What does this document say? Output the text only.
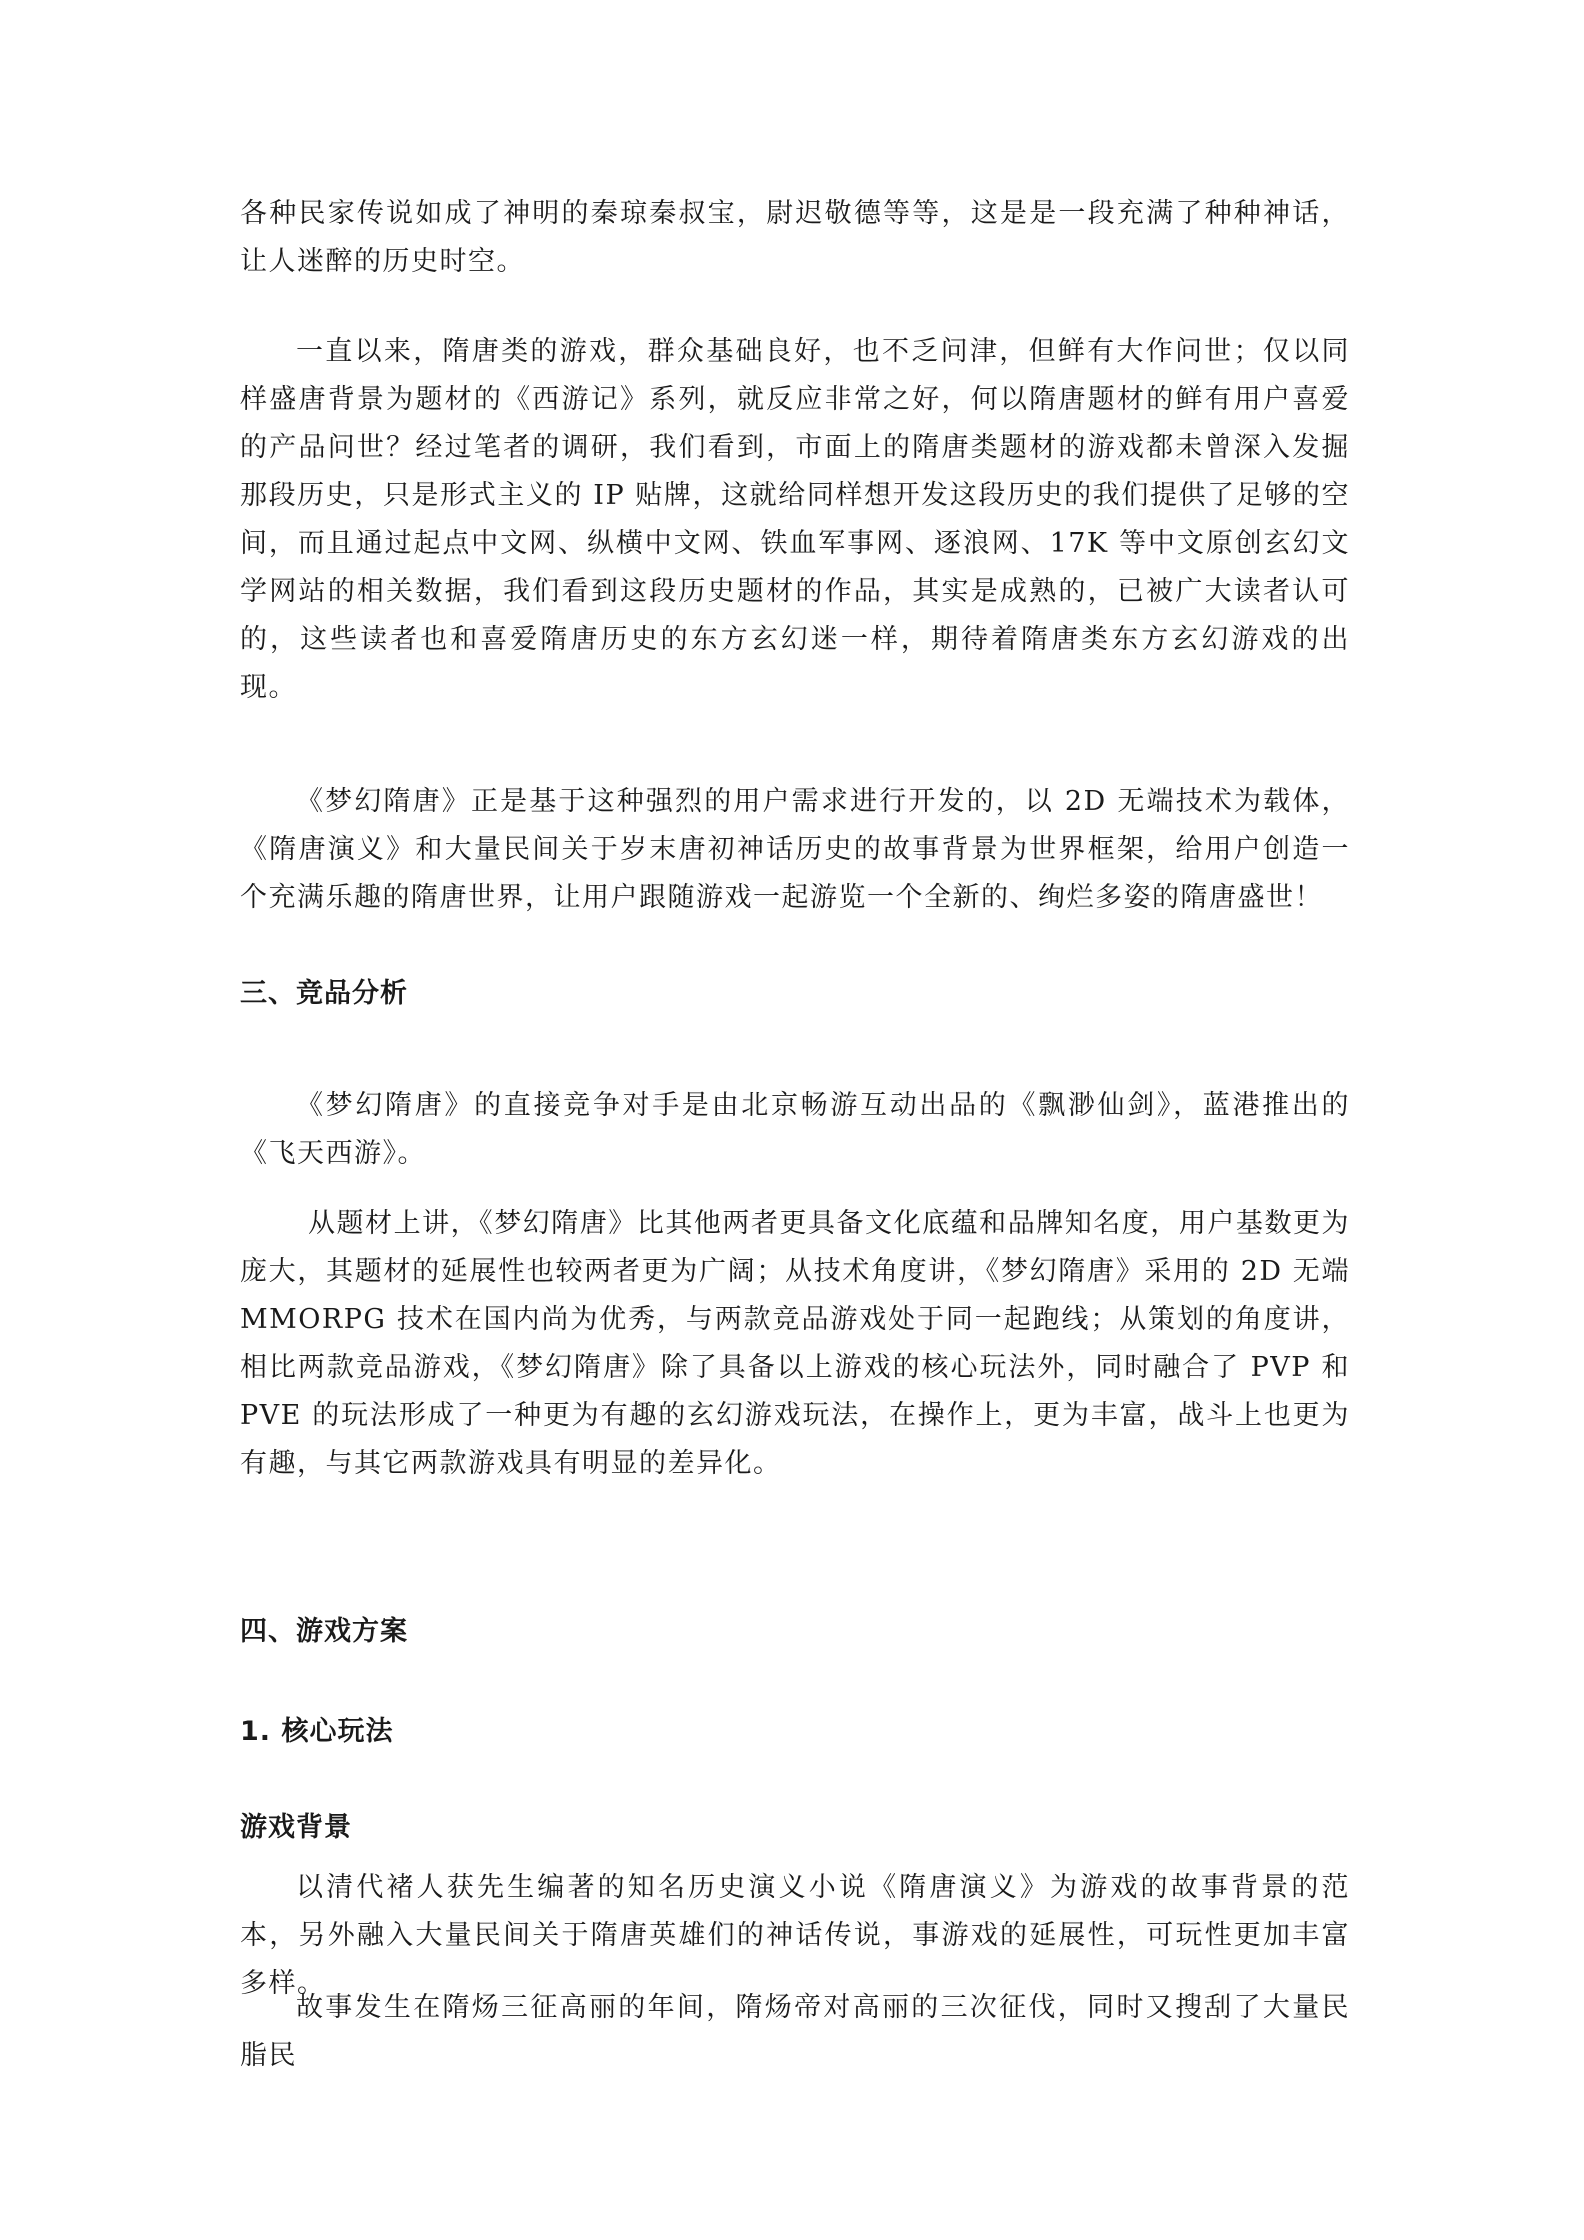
各种民家传说如成了神明的秦琼秦叔宝，尉迟敬德等等，这是是一段充满了种种神话，让人迷醉的历史时空。

一直以来，隋唐类的游戏，群众基础良好，也不乏问津，但鲜有大作问世；仅以同样盛唐背景为题材的《西游记》系列，就反应非常之好，何以隋唐题材的鲜有用户喜爱的产品问世？经过笔者的调研，我们看到，市面上的隋唐类题材的游戏都未曾深入发掘那段历史，只是形式主义的 IP 贴牌，这就给同样想开发这段历史的我们提供了足够的空间，而且通过起点中文网、纵横中文网、铁血军事网、逐浪网、17K 等中文原创玄幻文学网站的相关数据，我们看到这段历史题材的作品，其实是成熟的，已被广大读者认可的，这些读者也和喜爱隋唐历史的东方玄幻迷一样，期待着隋唐类东方玄幻游戏的出现。

《梦幻隋唐》正是基于这种强烈的用户需求进行开发的，以 2D 无端技术为载体，《隋唐演义》和大量民间关于岁末唐初神话历史的故事背景为世界框架，给用户创造一个充满乐趣的隋唐世界，让用户跟随游戏一起游览一个全新的、绚烂多姿的隋唐盛世！

三、竞品分析

《梦幻隋唐》的直接竞争对手是由北京畅游互动出品的《飘渺仙剑》，蓝港推出的《飞天西游》。

从题材上讲，《梦幻隋唐》比其他两者更具备文化底蕴和品牌知名度，用户基数更为庞大，其题材的延展性也较两者更为广阔；从技术角度讲，《梦幻隋唐》采用的 2D 无端 MMORPG 技术在国内尚为优秀，与两款竞品游戏处于同一起跑线；从策划的角度讲，相比两款竞品游戏，《梦幻隋唐》除了具备以上游戏的核心玩法外，同时融合了 PVP 和 PVE 的玩法形成了一种更为有趣的玄幻游戏玩法，在操作上，更为丰富，战斗上也更为有趣，与其它两款游戏具有明显的差异化。

四、游戏方案
1. 核心玩法
游戏背景

以清代褚人获先生编著的知名历史演义小说《隋唐演义》为游戏的故事背景的范本，另外融入大量民间关于隋唐英雄们的神话传说，事游戏的延展性，可玩性更加丰富多样。

故事发生在隋炀三征高丽的年间，隋炀帝对高丽的三次征伐，同时又搜刮了大量民脂民
